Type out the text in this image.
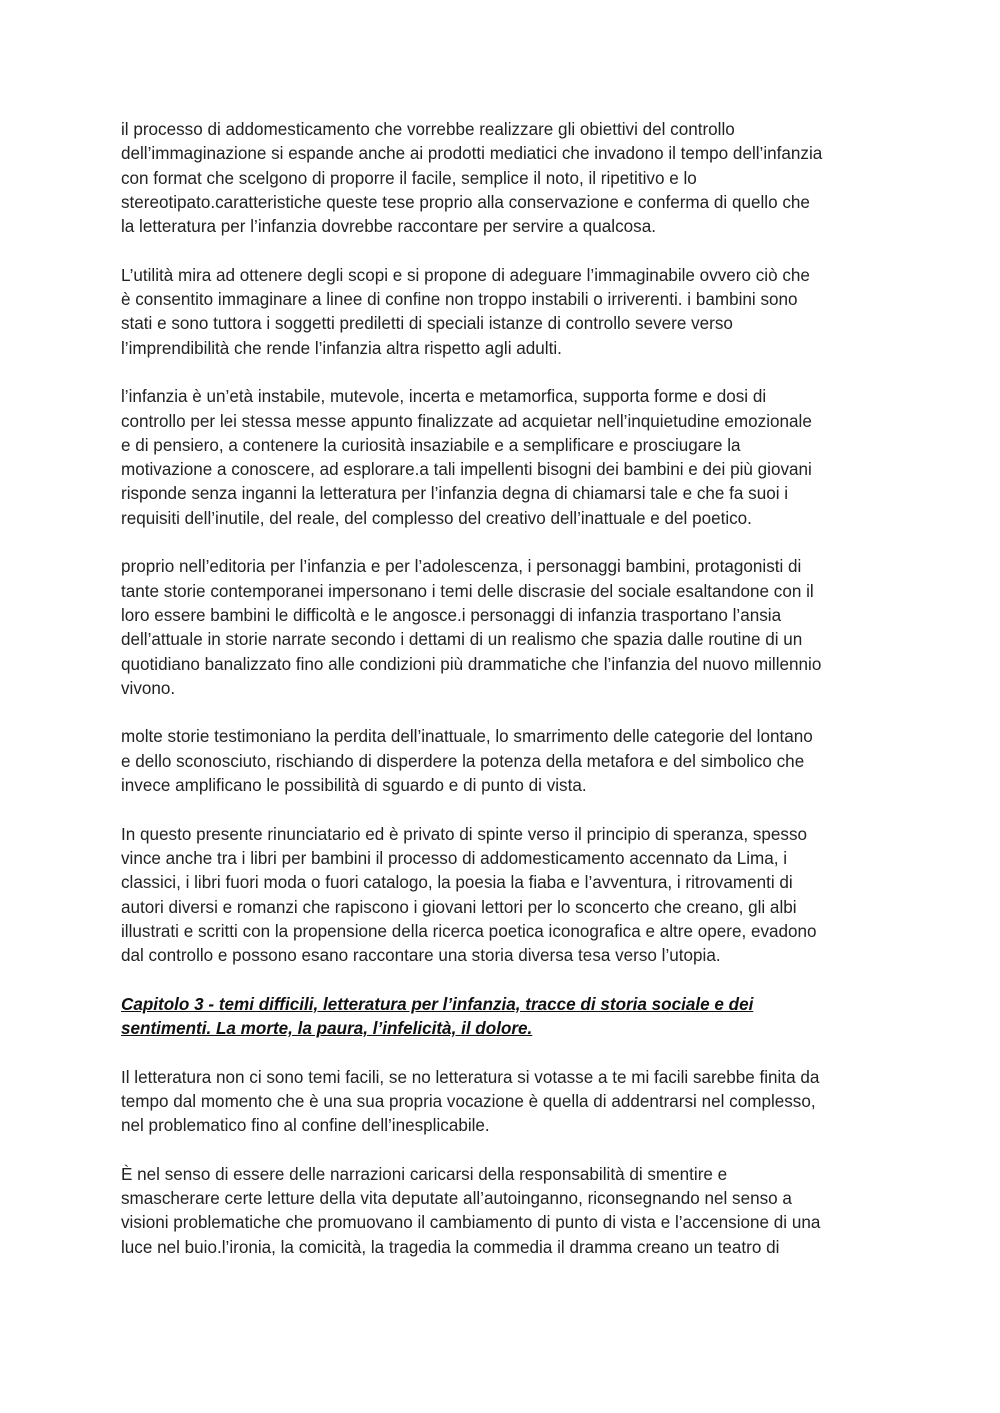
il processo di addomesticamento che vorrebbe realizzare gli obiettivi del controllo
dell’immaginazione si espande anche ai prodotti mediatici che invadono il tempo dell’infanzia
con format che scelgono di proporre il facile, semplice il noto, il ripetitivo e lo
stereotipato.caratteristiche queste tese proprio alla conservazione e conferma di quello che
la letteratura per l’infanzia dovrebbe raccontare per servire a qualcosa.
L’utilità mira ad ottenere degli scopi e si propone di adeguare l’immaginabile ovvero ciò che
è consentito immaginare a linee di confine non troppo instabili o irriverenti. i bambini sono
stati e sono tuttora i soggetti prediletti di speciali istanze di controllo severe verso
l’imprendibilità che rende l’infanzia altra rispetto agli adulti.
l’infanzia è un’età instabile, mutevole, incerta e metamorfica, supporta forme e dosi di
controllo per lei stessa messe appunto finalizzate ad acquietar nell’inquietudine emozionale
e di pensiero, a contenere la curiosità insaziabile e a semplificare e prosciugare la
motivazione a conoscere, ad esplorare.a tali impellenti bisogni dei bambini e dei più giovani
risponde senza inganni la letteratura per l’infanzia degna di chiamarsi tale e che fa suoi i
requisiti dell’inutile, del reale, del complesso del creativo dell’inattuale e del poetico.
proprio nell’editoria per l’infanzia e per l’adolescenza, i personaggi bambini, protagonisti di
tante storie contemporanei impersonano i temi delle discrasie del sociale esaltandone con il
loro essere bambini le difficoltà e le angosce.i personaggi di infanzia trasportano l’ansia
dell’attuale in storie narrate secondo i dettami di un realismo che spazia dalle routine di un
quotidiano banalizzato fino alle condizioni più drammatiche che l’infanzia del nuovo millennio
vivono.
molte storie testimoniano la perdita dell’inattuale, lo smarrimento delle categorie del lontano
e dello sconosciuto, rischiando di disperdere la potenza della metafora e del simbolico che
invece amplificano le possibilità di sguardo e di punto di vista.
In questo presente rinunciatario ed è privato di spinte verso il principio di speranza, spesso
vince anche tra i libri per bambini il processo di addomesticamento accennato da Lima, i
classici, i libri fuori moda o fuori catalogo, la poesia la fiaba e l’avventura, i ritrovamenti di
autori diversi e romanzi che rapiscono i giovani lettori per lo sconcerto che creano, gli albi
illustrati e scritti con la propensione della ricerca poetica iconografica e altre opere, evadono
dal controllo e possono esano raccontare una storia diversa tesa verso l’utopia.
Capitolo 3 - temi difficili, letteratura per l’infanzia, tracce di storia sociale e dei
sentimenti. La morte, la paura, l’infelicità, il dolore.
Il letteratura non ci sono temi facili, se no letteratura si votasse a te mi facili sarebbe finita da
tempo dal momento che è una sua propria vocazione è quella di addentrarsi nel complesso,
nel problematico fino al confine dell’inesplicabile.
È nel senso di essere delle narrazioni caricarsi della responsabilità di smentire e
smascherare certe letture della vita deputate all’autoinganno, riconsegnando nel senso a
visioni problematiche che promuovano il cambiamento di punto di vista e l’accensione di una
luce nel buio.l’ironia, la comicità, la tragedia la commedia il dramma creano un teatro di
